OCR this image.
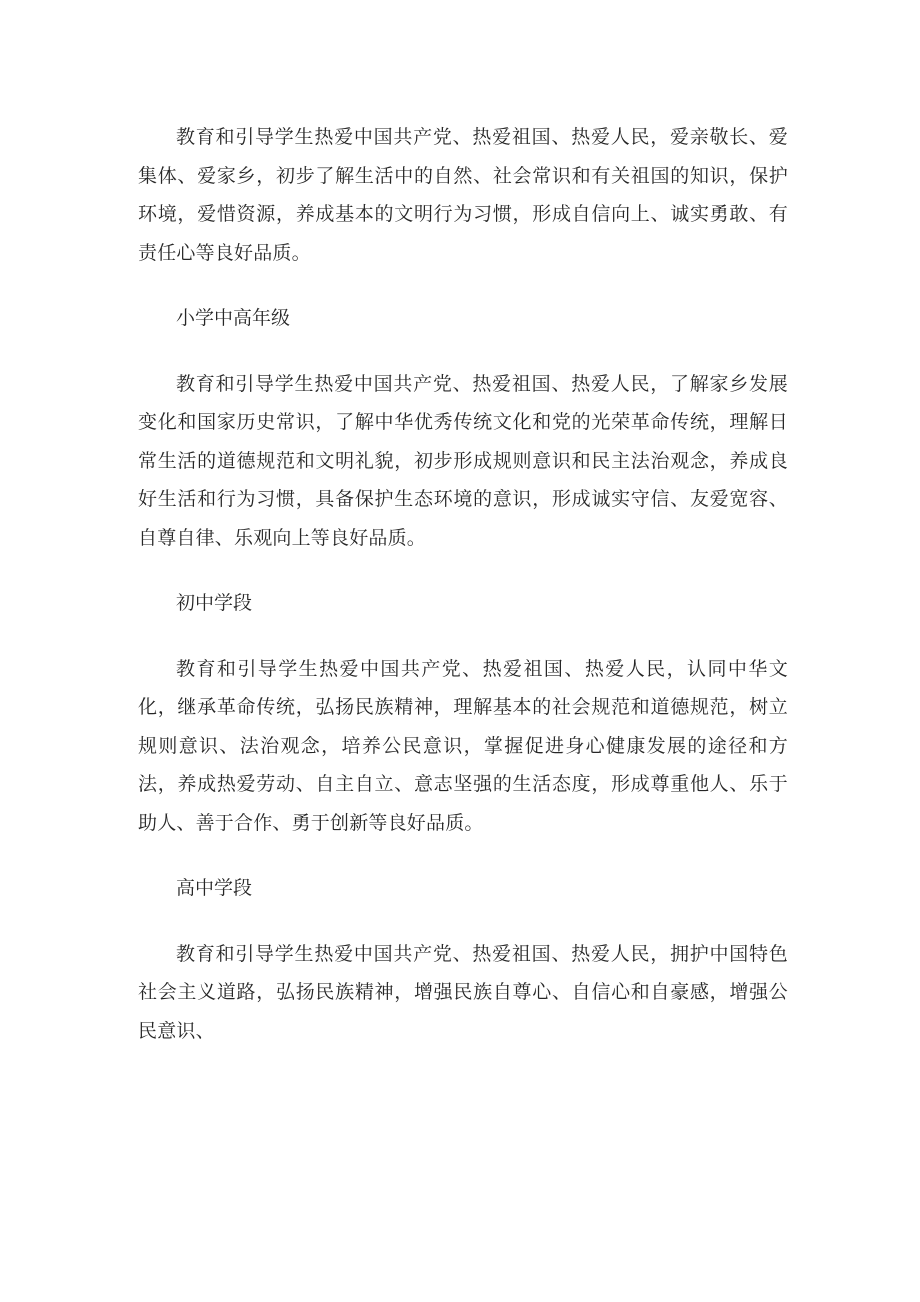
教育和引导学生热爱中国共产党、热爱祖国、热爱人民，爱亲敬长、爱集体、爱家乡，初步了解生活中的自然、社会常识和有关祖国的知识，保护环境，爱惜资源，养成基本的文明行为习惯，形成自信向上、诚实勇敢、有责任心等良好品质。

小学中高年级

教育和引导学生热爱中国共产党、热爱祖国、热爱人民，了解家乡发展变化和国家历史常识，了解中华优秀传统文化和党的光荣革命传统，理解日常生活的道德规范和文明礼貌，初步形成规则意识和民主法治观念，养成良好生活和行为习惯，具备保护生态环境的意识，形成诚实守信、友爱宽容、自尊自律、乐观向上等良好品质。

初中学段

教育和引导学生热爱中国共产党、热爱祖国、热爱人民，认同中华文化，继承革命传统，弘扬民族精神，理解基本的社会规范和道德规范，树立规则意识、法治观念，培养公民意识，掌握促进身心健康发展的途径和方法，养成热爱劳动、自主自立、意志坚强的生活态度，形成尊重他人、乐于助人、善于合作、勇于创新等良好品质。

高中学段

教育和引导学生热爱中国共产党、热爱祖国、热爱人民，拥护中国特色社会主义道路，弘扬民族精神，增强民族自尊心、自信心和自豪感，增强公民意识、
